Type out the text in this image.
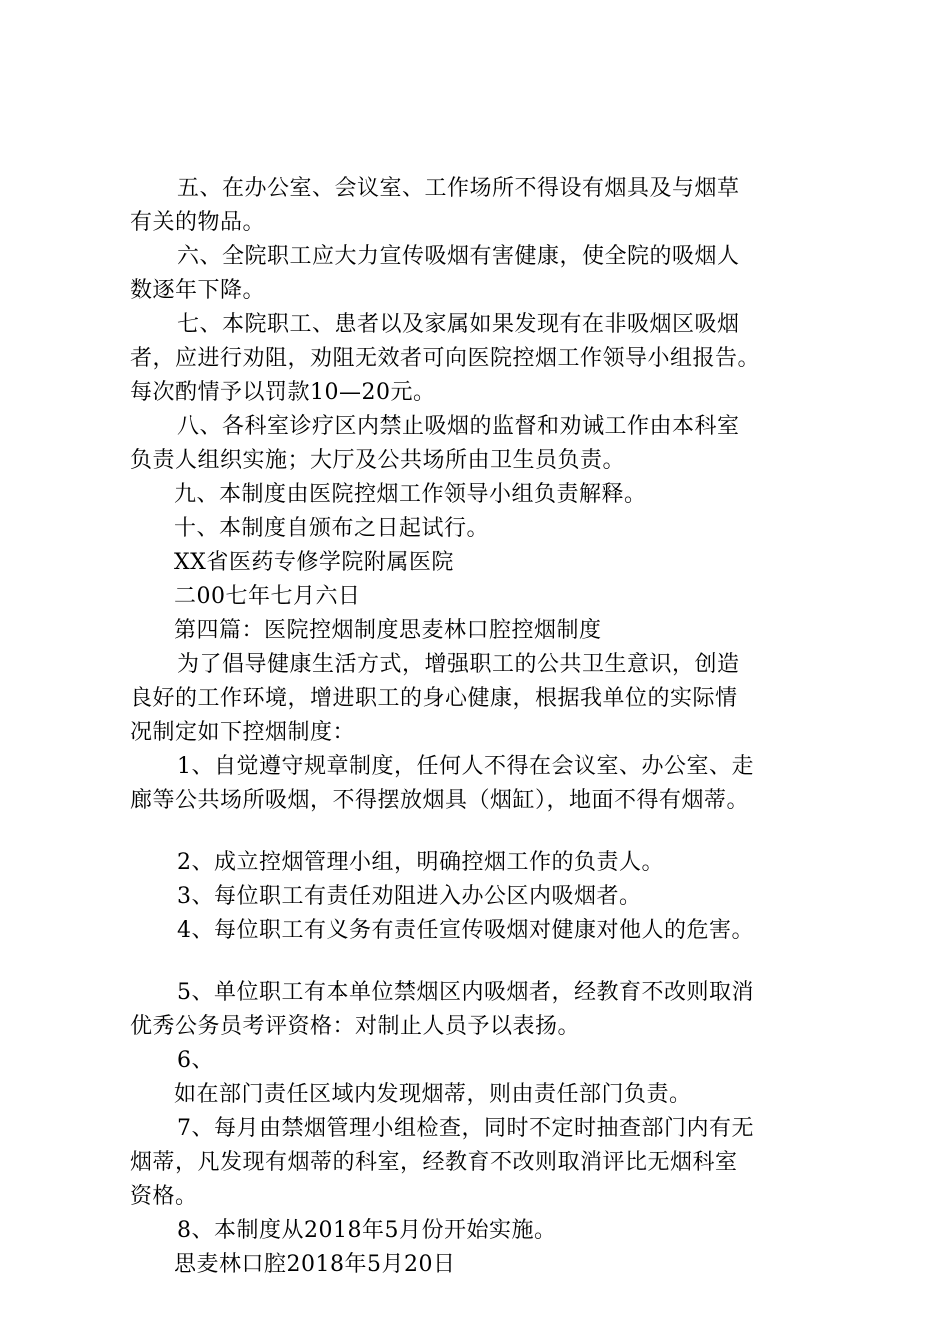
五、在办公室、会议室、工作场所不得设有烟具及与烟草
有关的物品。
六、全院职工应大力宣传吸烟有害健康，使全院的吸烟人
数逐年下降。
七、本院职工、患者以及家属如果发现有在非吸烟区吸烟
者，应进行劝阻，劝阻无效者可向医院控烟工作领导小组报告。
每次酌情予以罚款10—20元。
八、各科室诊疗区内禁止吸烟的监督和劝诫工作由本科室
负责人组织实施；大厅及公共场所由卫生员负责。
九、本制度由医院控烟工作领导小组负责解释。
十、本制度自颁布之日起试行。
XX省医药专修学院附属医院
二00七年七月六日
第四篇：医院控烟制度思麦林口腔控烟制度
为了倡导健康生活方式，增强职工的公共卫生意识，创造
良好的工作环境，增进职工的身心健康，根据我单位的实际情
况制定如下控烟制度：
1、自觉遵守规章制度，任何人不得在会议室、办公室、走
廊等公共场所吸烟，不得摆放烟具（烟缸），地面不得有烟蒂。
2、成立控烟管理小组，明确控烟工作的负责人。
3、每位职工有责任劝阻进入办公区内吸烟者。
4、每位职工有义务有责任宣传吸烟对健康对他人的危害。
5、单位职工有本单位禁烟区内吸烟者，经教育不改则取消
优秀公务员考评资格：对制止人员予以表扬。
6、
如在部门责任区域内发现烟蒂，则由责任部门负责。
7、每月由禁烟管理小组检查，同时不定时抽查部门内有无
烟蒂，凡发现有烟蒂的科室，经教育不改则取消评比无烟科室
资格。
8、本制度从2018年5月份开始实施。
思麦林口腔2018年5月20日
